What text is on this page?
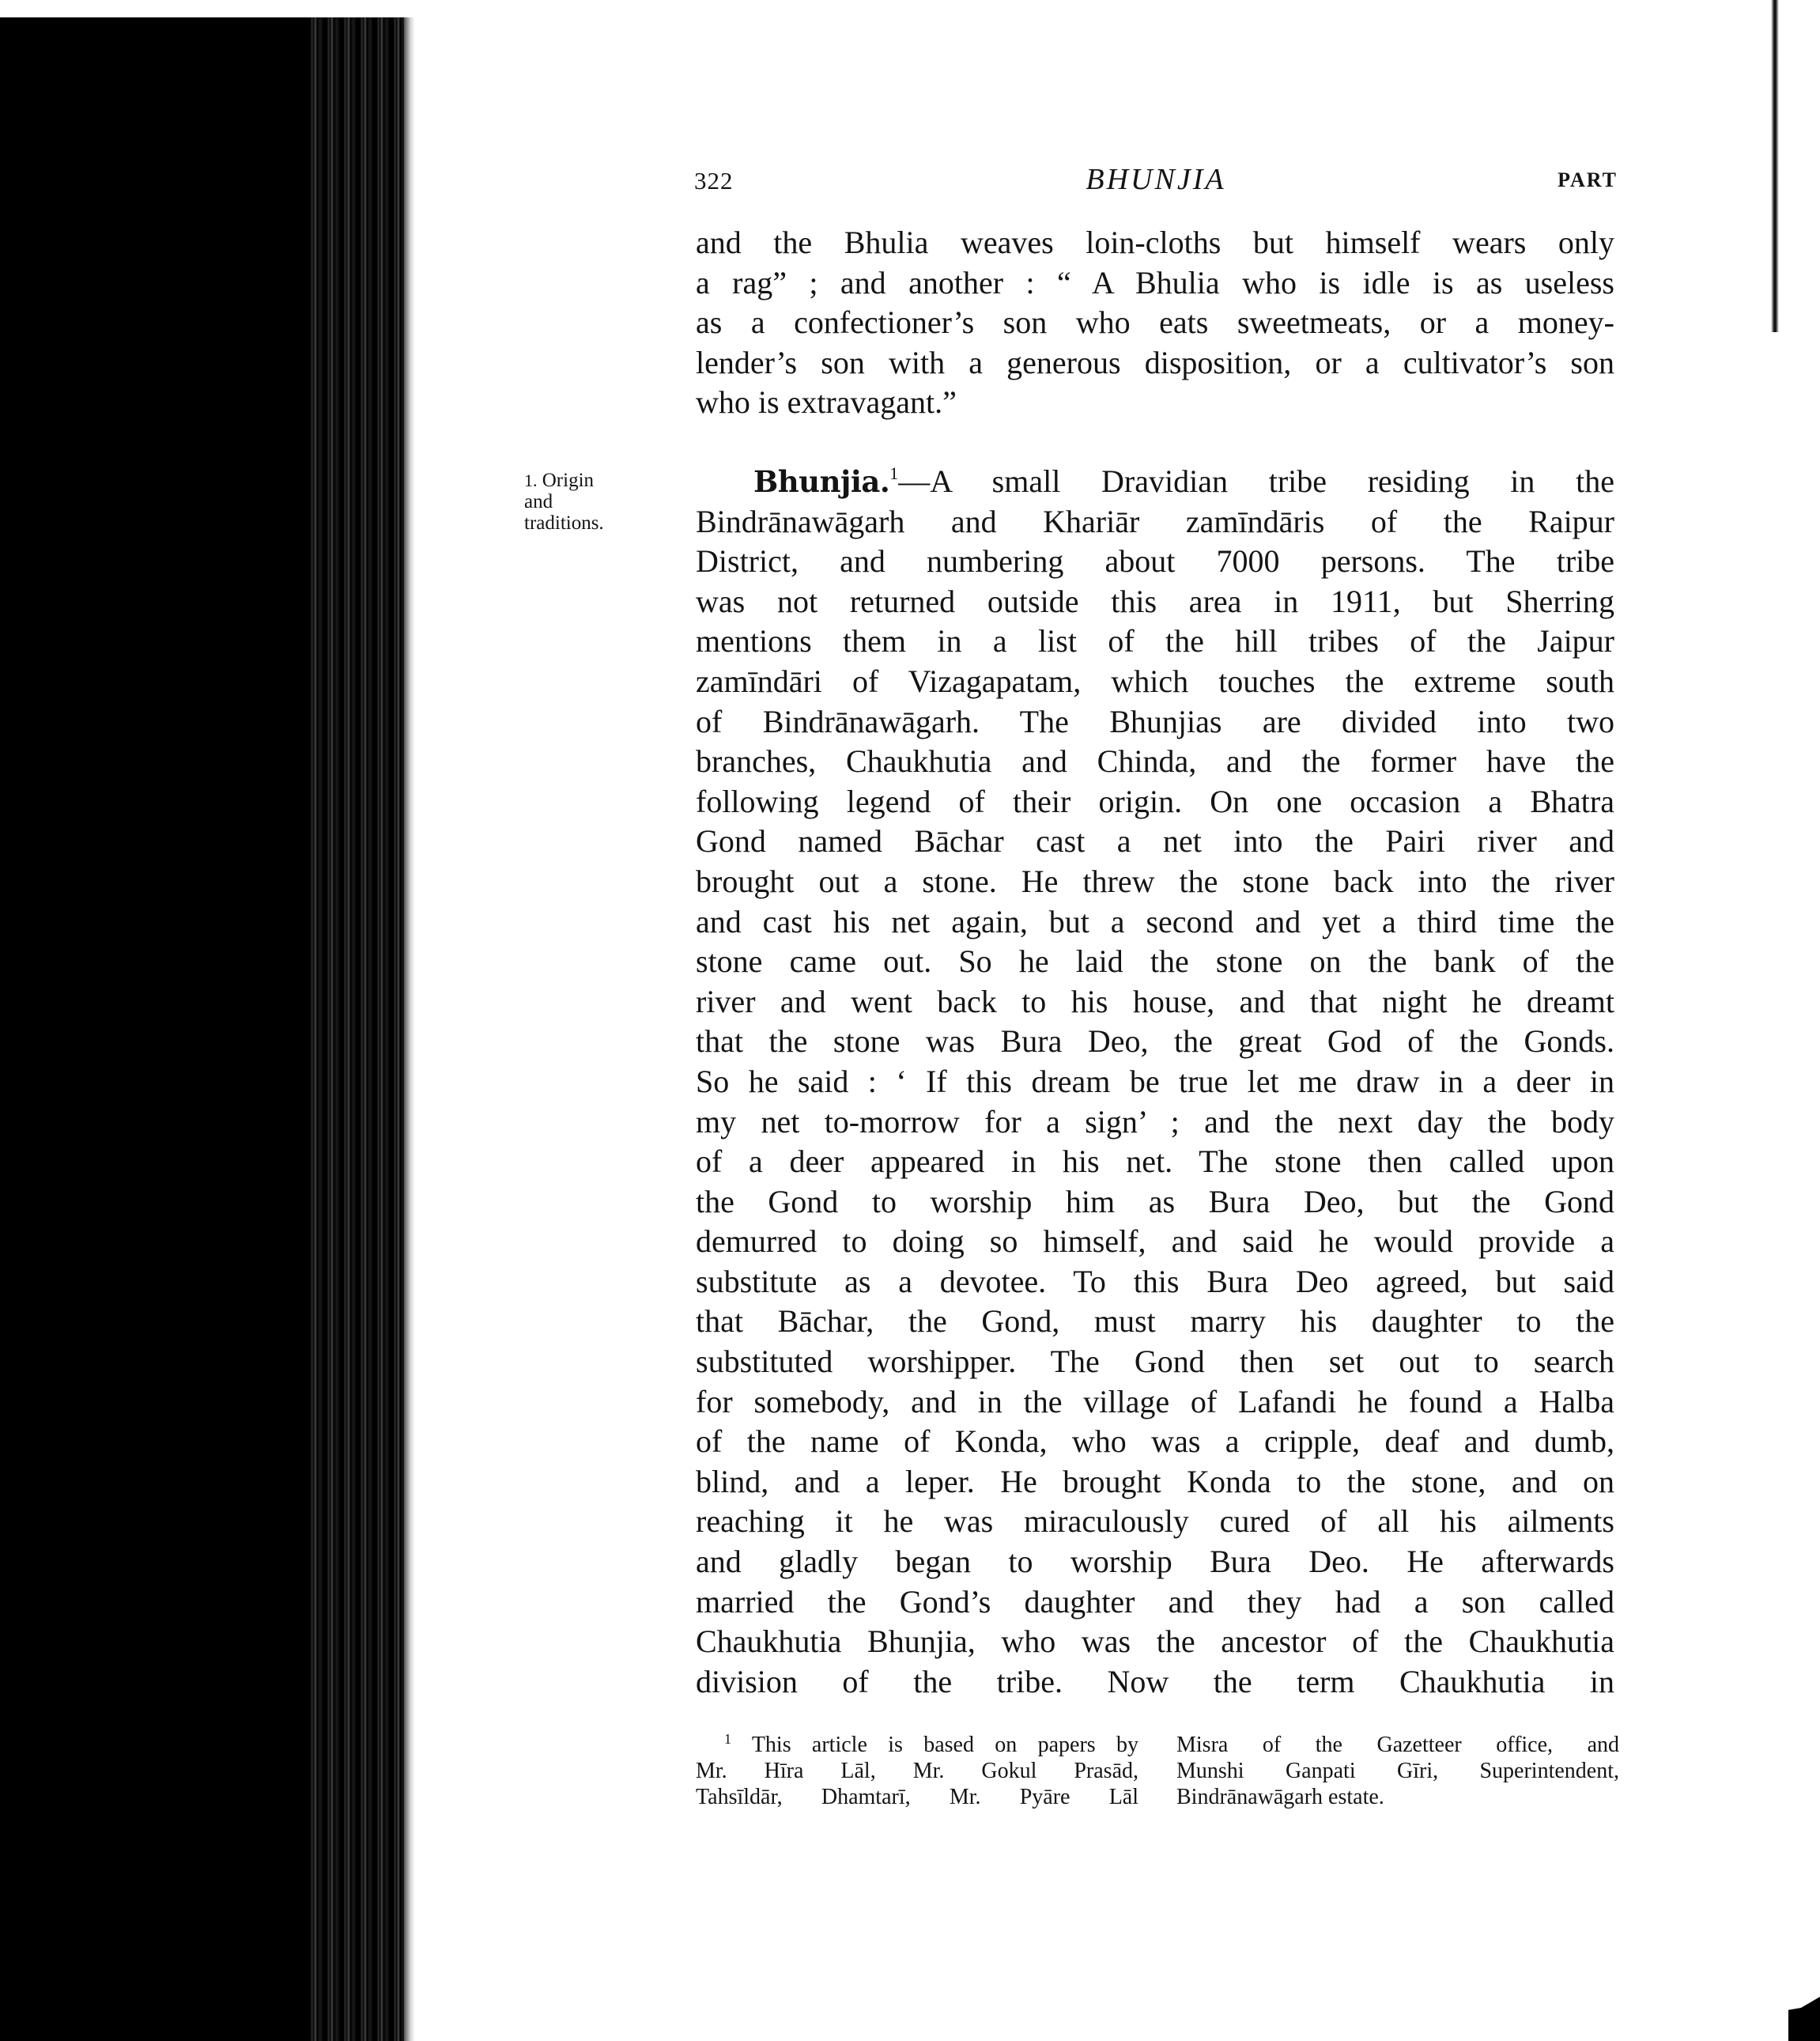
322	BHUNJIA	PART
and the Bhulia weaves loin-cloths but himself wears only
a rag” ; and another : “ A Bhulia who is idle is as useless
as a confectioner’s son who eats sweetmeats, or a money-
lender’s son with a generous disposition, or a cultivator’s son
who is extravagant.”
1. Origin
and
traditions.
Bhunjia.$^1$—A small Dravidian tribe residing in the
Bindrānawāgarh and Khariār zamīndāris of the Raipur
District, and numbering about 7000 persons. The tribe
was not returned outside this area in 1911, but Sherring
mentions them in a list of the hill tribes of the Jaipur
zamīndāri of Vizagapatam, which touches the extreme south
of Bindrānawāgarh. The Bhunjias are divided into two
branches, Chaukhutia and Chinda, and the former have the
following legend of their origin. On one occasion a Bhatra
Gond named Bāchar cast a net into the Pairi river and
brought out a stone. He threw the stone back into the river
and cast his net again, but a second and yet a third time the
stone came out. So he laid the stone on the bank of the
river and went back to his house, and that night he dreamt
that the stone was Bura Deo, the great God of the Gonds.
So he said : ‘ If this dream be true let me draw in a deer in
my net to-morrow for a sign’ ; and the next day the body
of a deer appeared in his net. The stone then called upon
the Gond to worship him as Bura Deo, but the Gond
demurred to doing so himself, and said he would provide a
substitute as a devotee. To this Bura Deo agreed, but said
that Bāchar, the Gond, must marry his daughter to the
substituted worshipper. The Gond then set out to search
for somebody, and in the village of Lafandi he found a Halba
of the name of Konda, who was a cripple, deaf and dumb,
blind, and a leper. He brought Konda to the stone, and on
reaching it he was miraculously cured of all his ailments
and gladly began to worship Bura Deo. He afterwards
married the Gond’s daughter and they had a son called
Chaukhutia Bhunjia, who was the ancestor of the Chaukhutia
division of the tribe. Now the term Chaukhutia in
$^1$ This article is based on papers by
Mr. Hīra Lāl, Mr. Gokul Prasād,
Tahsīldār, Dhamtarī, Mr. Pyāre Lāl
Misra of the Gazetteer office, and
Munshi Ganpati Gīri, Superintendent,
Bindrānawāgarh estate.
